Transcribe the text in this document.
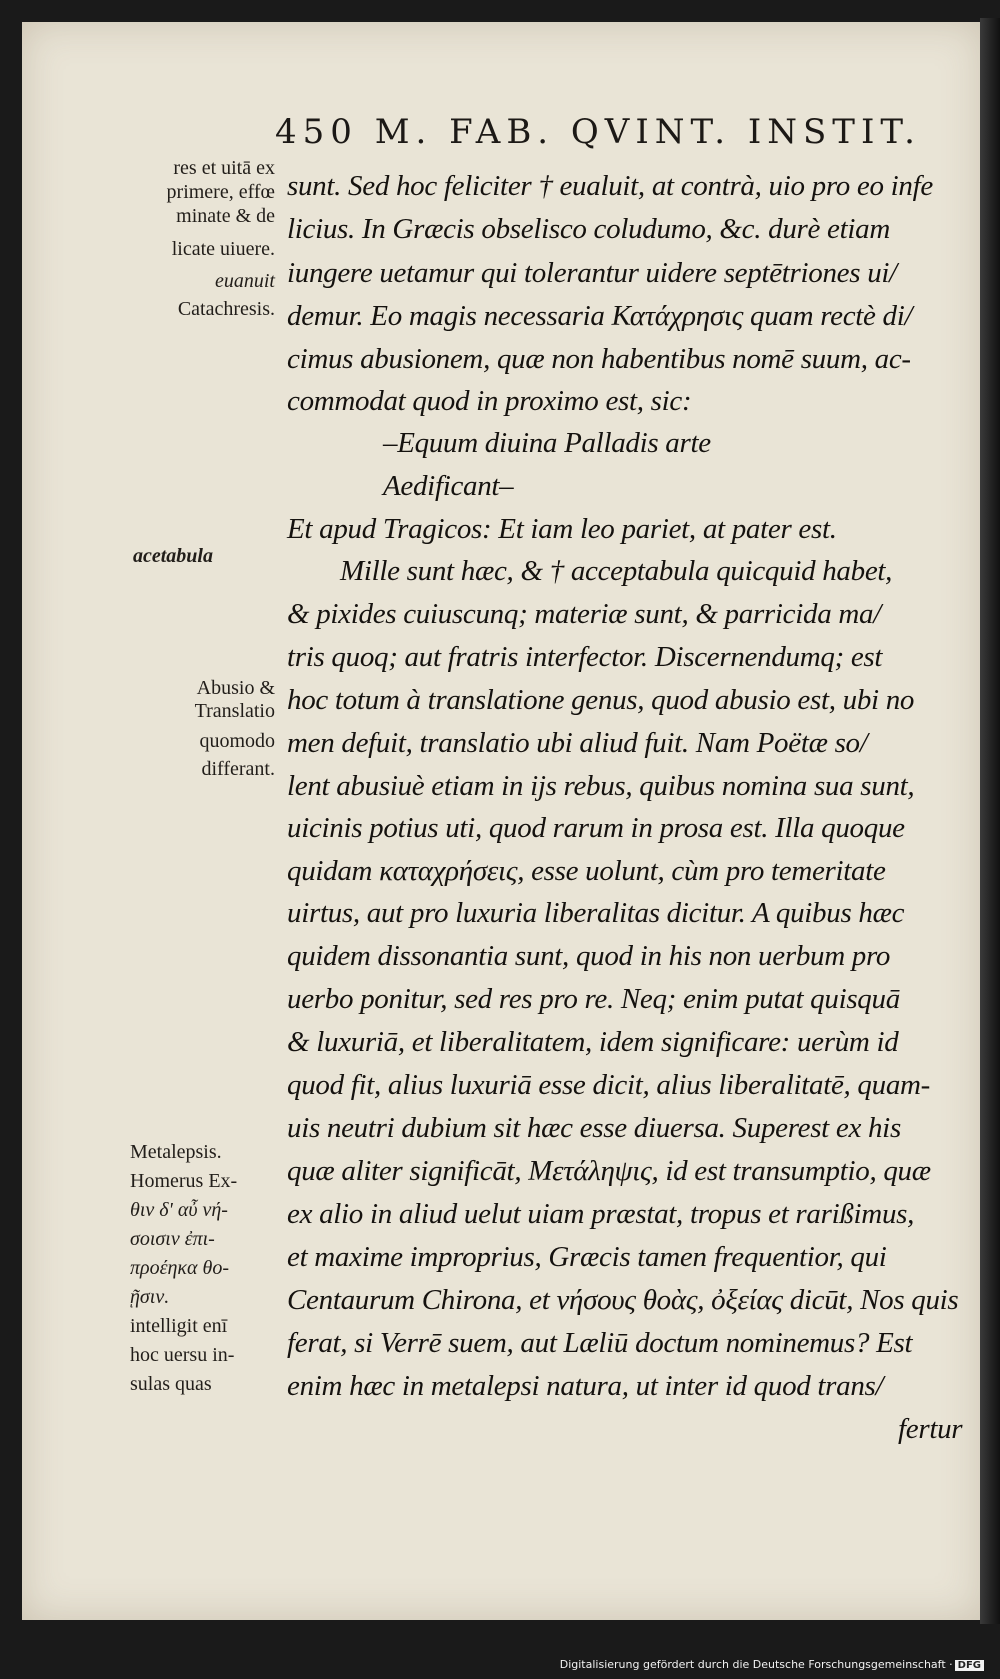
450 M. FAB. QVINT. INSTIT.
res et uitā ex
primere, effœ
minate & de
licate uiuere.
euanuit
Catachresis.
acetabula
Abusio &
Translatio
quomodo
differant.
Metalepsis.
Homerus Ex-
θιν δ' αὖ νή-
σοισιν ἐπι-
προέηκα θο-
ῇσιν.
intelligit enī
hoc uersu in-
sulas quas
sunt. Sed hoc feliciter † eualuit, at contrà, uio pro eo infe
licius. In Græcis obselisco coludumo, &c. durè etiam
iungere uetamur qui tolerantur uidere septētriones ui/
demur. Eo magis necessaria Κατάχρησις quam rectè di/
cimus abusionem, quæ non habentibus nomē suum, ac-
commodat quod in proximo est, sic:
–Equum diuina Palladis arte
Aedificant–
Et apud Tragicos: Et iam leo pariet, at pater est.
Mille sunt hæc, & † acceptabula quicquid habet,
& pixides cuiuscunq; materiæ sunt, & parricida ma/
tris quoq; aut fratris interfector. Discernendumq; est
hoc totum à translatione genus, quod abusio est, ubi no
men defuit, translatio ubi aliud fuit. Nam Poëtæ so/
lent abusiuè etiam in ijs rebus, quibus nomina sua sunt,
uicinis potius uti, quod rarum in prosa est. Illa quoque
quidam καταχρήσεις, esse uolunt, cùm pro temeritate
uirtus, aut pro luxuria liberalitas dicitur. A quibus hæc
quidem dissonantia sunt, quod in his non uerbum pro
uerbo ponitur, sed res pro re. Neq; enim putat quisquā
& luxuriā, et liberalitatem, idem significare: uerùm id
quod fit, alius luxuriā esse dicit, alius liberalitatē, quam-
uis neutri dubium sit hæc esse diuersa. Superest ex his
quæ aliter significāt, Μετάληψις, id est transumptio, quæ
ex alio in aliud uelut uiam præstat, tropus et rarißimus,
et maxime improprius, Græcis tamen frequentior, qui
Centaurum Chirona, et νήσους θοὰς, ὀξείας dicūt, Nos quis
ferat, si Verrē suem, aut Læliū doctum nominemus? Est
enim hæc in metalepsi natura, ut inter id quod trans/
fertur
Digitalisierung gefördert durch die Deutsche Forschungsgemeinschaft · DFG
